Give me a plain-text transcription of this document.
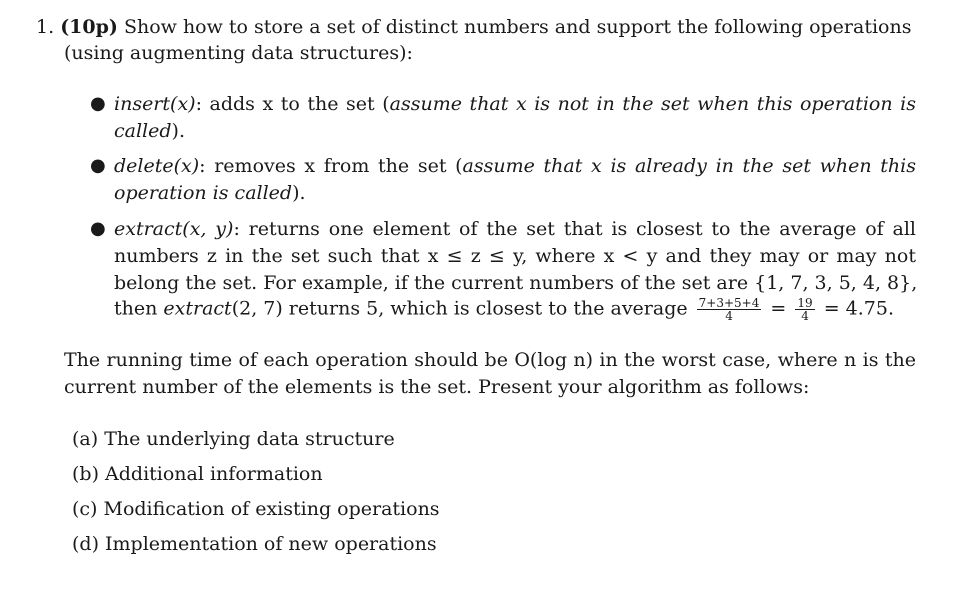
1. (10p) Show how to store a set of distinct numbers and support the following operations
(using augmenting data structures):
● insert(x): adds x to the set (assume that x is not in the set when this operation is
called).
● delete(x): removes x from the set (assume that x is already in the set when this
operation is called).
● extract(x, y): returns one element of the set that is closest to the average of all
numbers z in the set such that x ≤ z ≤ y, where x < y and they may or may not
belong the set. For example, if the current numbers of the set are {1, 7, 3, 5, 4, 8},
then extract(2, 7) returns 5, which is closest to the average $\frac{7+3+5+4}{4} = \frac{19}{4} = 4.75$.
The running time of each operation should be O(log n) in the worst case, where n is the
current number of the elements is the set. Present your algorithm as follows:
(a) The underlying data structure
(b) Additional information
(c) Modification of existing operations
(d) Implementation of new operations
